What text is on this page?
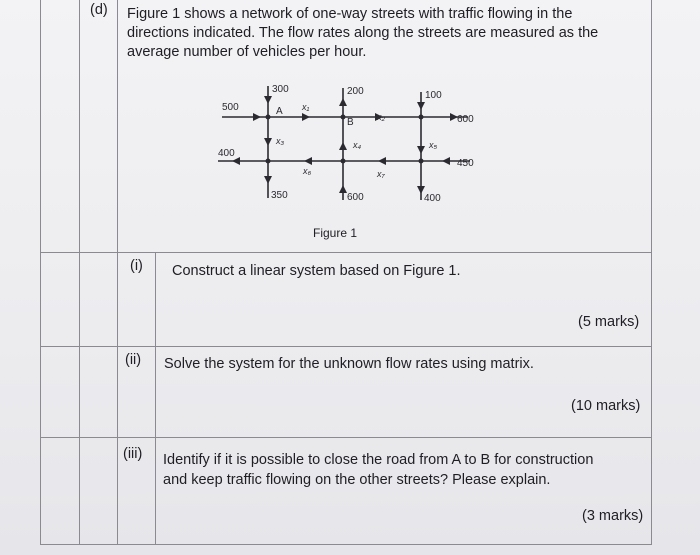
(d) Figure 1 shows a network of one-way streets with traffic flowing in the
directions indicated. The flow rates along the streets are measured as the
average number of vehicles per hour.
300	200	100
500
400
600
450
350	600	400
A
B
x₁
x₂
x₃	x₄	x₅
x₆	x₇
Figure 1
(i) Construct a linear system based on Figure 1.
(5 marks)
(ii) Solve the system for the unknown flow rates using matrix.
(10 marks)
(iii) Identify if it is possible to close the road from A to B for construction
and keep traffic flowing on the other streets? Please explain.
(3 marks)
